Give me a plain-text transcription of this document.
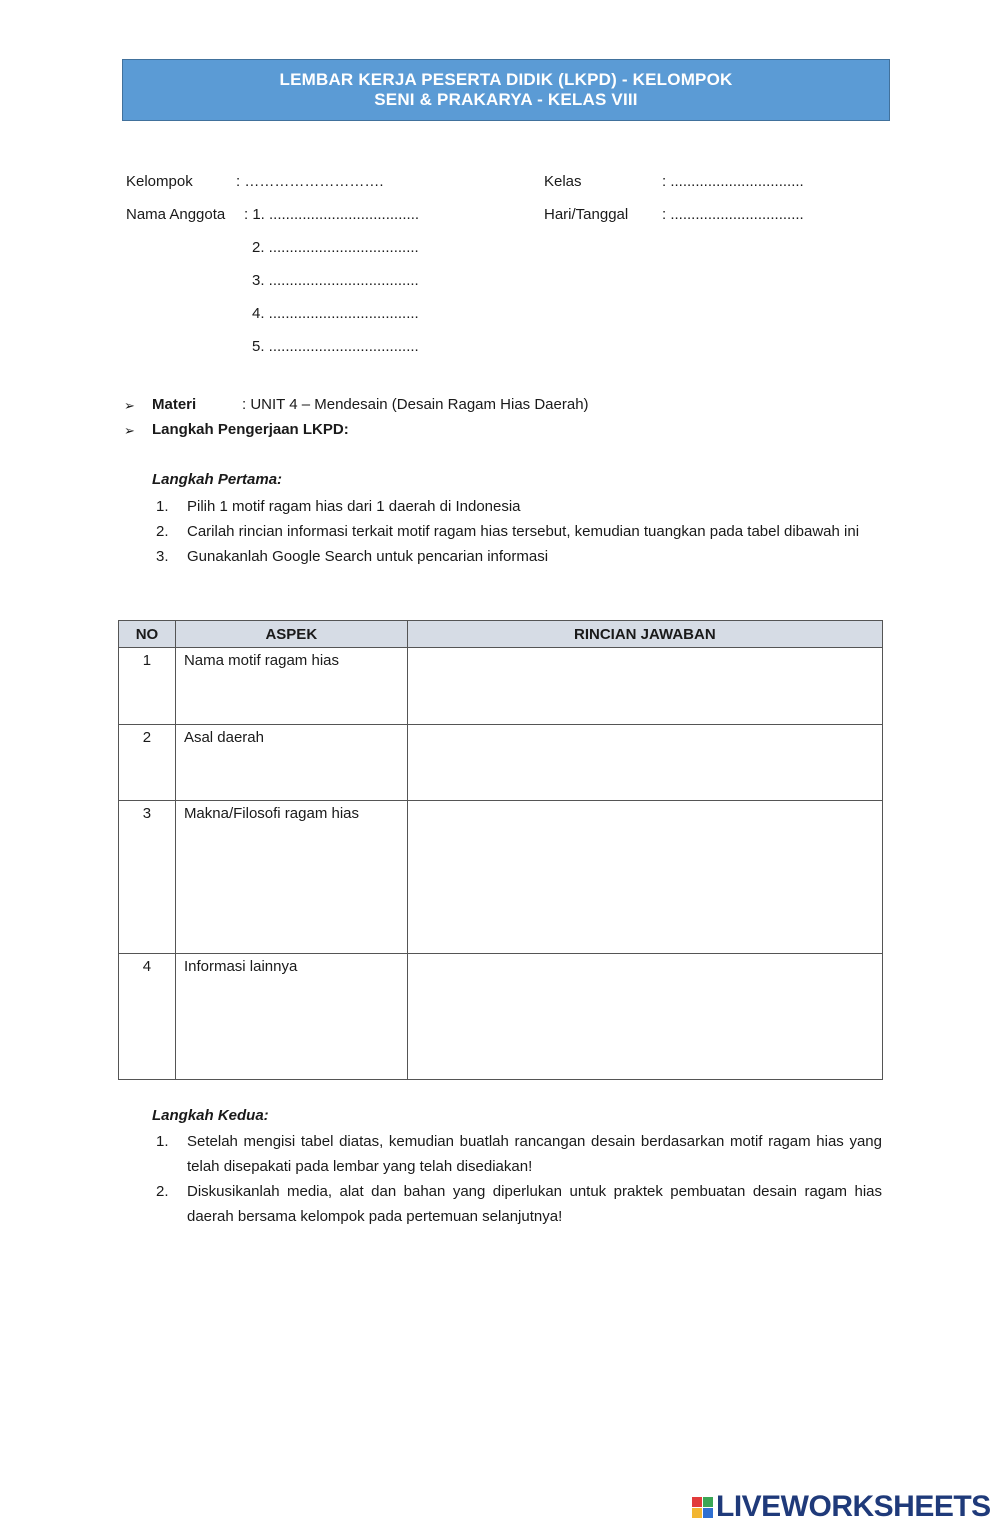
LEMBAR KERJA PESERTA DIDIK (LKPD) - KELOMPOK
SENI & PRAKARYA - KELAS VIII
Kelompok	: ……………………….	Kelas	: ................................
Nama Anggota : 1. ....................................	Hari/Tanggal : ................................
2. ....................................
3. ....................................
4. ....................................
5. ....................................
➢ Materi	: UNIT 4 – Mendesain (Desain Ragam Hias Daerah)
➢ Langkah Pengerjaan LKPD:
Langkah Pertama:
1.	Pilih 1 motif ragam hias dari 1 daerah di Indonesia
2.	Carilah rincian informasi terkait motif ragam hias tersebut, kemudian tuangkan pada tabel dibawah ini
3.	Gunakanlah Google Search untuk pencarian informasi
NO	ASPEK	RINCIAN JAWABAN
1	Nama motif ragam hias	
2	Asal daerah	
3	Makna/Filosofi ragam hias	
4	Informasi lainnya	
Langkah Kedua:
1.	Setelah mengisi tabel diatas, kemudian buatlah rancangan desain berdasarkan motif ragam hias yang telah disepakati pada lembar yang telah disediakan!
2.	Diskusikanlah media, alat dan bahan yang diperlukan untuk praktek pembuatan desain ragam hias daerah bersama kelompok pada pertemuan selanjutnya!
LIVEWORKSHEETS
